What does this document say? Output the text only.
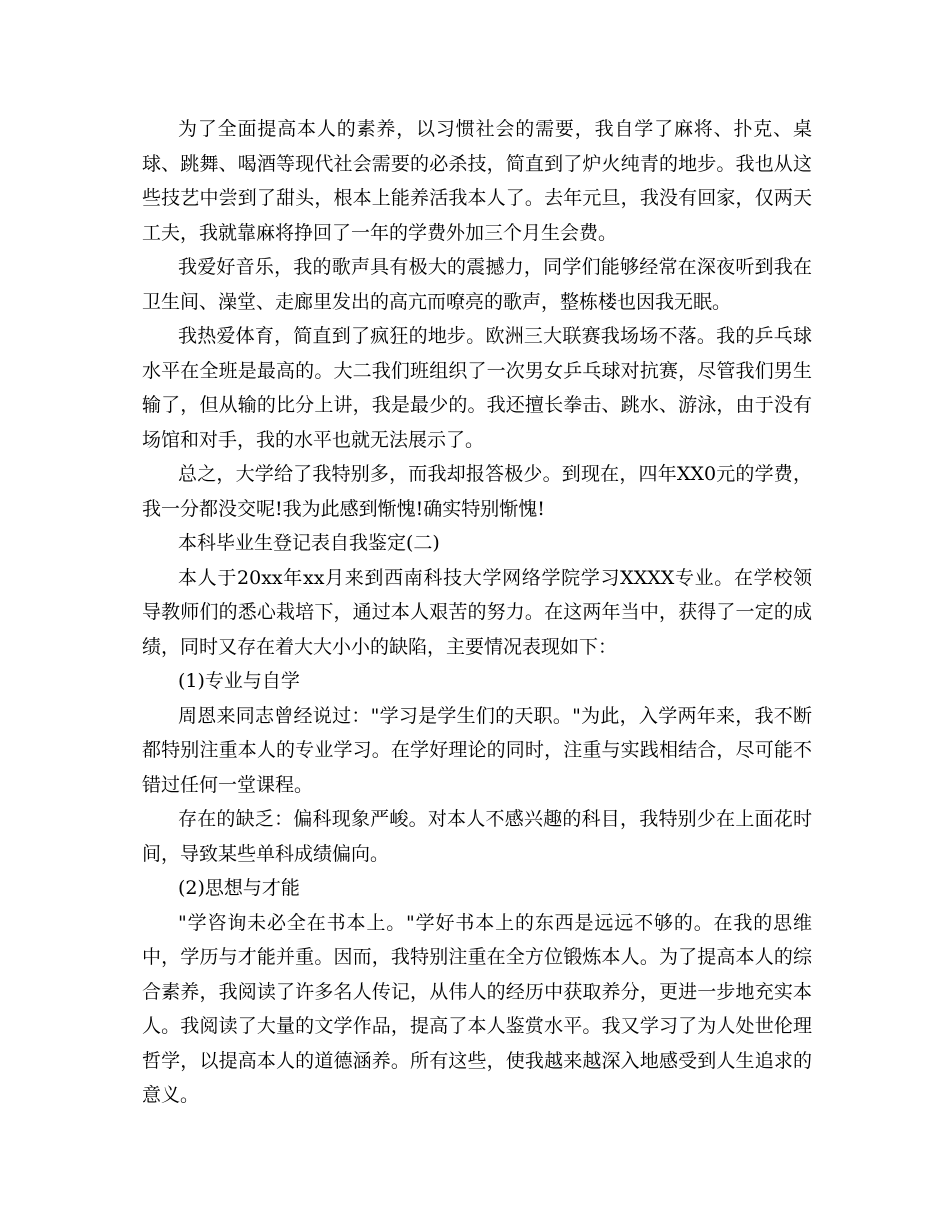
为了全面提高本人的素养，以习惯社会的需要，我自学了麻将、扑克、桌球、跳舞、喝酒等现代社会需要的必杀技，简直到了炉火纯青的地步。我也从这些技艺中尝到了甜头，根本上能养活我本人了。去年元旦，我没有回家，仅两天工夫，我就靠麻将挣回了一年的学费外加三个月生会费。

我爱好音乐，我的歌声具有极大的震撼力，同学们能够经常在深夜听到我在卫生间、澡堂、走廊里发出的高亢而嘹亮的歌声，整栋楼也因我无眠。

我热爱体育，简直到了疯狂的地步。欧洲三大联赛我场场不落。我的乒乓球水平在全班是最高的。大二我们班组织了一次男女乒乓球对抗赛，尽管我们男生输了，但从输的比分上讲，我是最少的。我还擅长拳击、跳水、游泳，由于没有场馆和对手，我的水平也就无法展示了。

总之，大学给了我特别多，而我却报答极少。到现在，四年XX0元的学费，我一分都没交呢!我为此感到惭愧!确实特别惭愧!

本科毕业生登记表自我鉴定(二)

本人于20xx年xx月来到西南科技大学网络学院学习XXXX专业。在学校领导教师们的悉心栽培下，通过本人艰苦的努力。在这两年当中，获得了一定的成绩，同时又存在着大大小小的缺陷，主要情况表现如下：

(1)专业与自学

周恩来同志曾经说过："学习是学生们的天职。"为此，入学两年来，我不断都特别注重本人的专业学习。在学好理论的同时，注重与实践相结合，尽可能不错过任何一堂课程。

存在的缺乏：偏科现象严峻。对本人不感兴趣的科目，我特别少在上面花时间，导致某些单科成绩偏向。

(2)思想与才能

"学咨询未必全在书本上。"学好书本上的东西是远远不够的。在我的思维中，学历与才能并重。因而，我特别注重在全方位锻炼本人。为了提高本人的综合素养，我阅读了许多名人传记，从伟人的经历中获取养分，更进一步地充实本人。我阅读了大量的文学作品，提高了本人鉴赏水平。我又学习了为人处世伦理哲学，以提高本人的道德涵养。所有这些，使我越来越深入地感受到人生追求的意义。
